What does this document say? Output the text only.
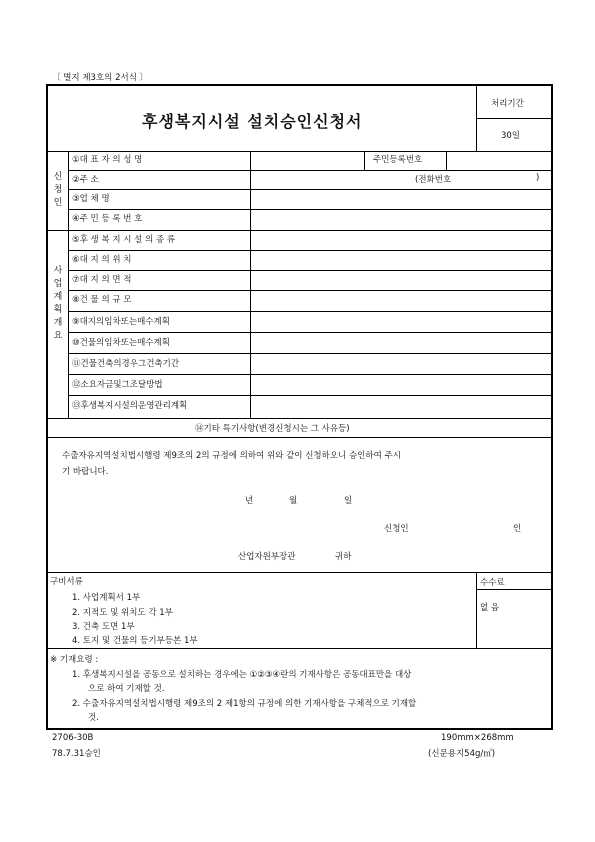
〔 별지 제3호의 2서식 〕
후생복지시설 설치승인신청서
처리기간
30일
신
청
인
①대 표 자 의 성 명	주민등록번호
②주 소	(전화번호	)
③업 체 명
④주 민 등 록 번 호
사
업
계
획
개
요
⑤후 생 복 지 시 설 의 종 류
⑥대 지 의 위 치
⑦대 지 의 면 적
⑧건 물 의 규 모
⑨대지의임차또는매수계획
⑩건물의임차또는매수계획
⑪건물건축의경우그건축기간
⑫소요자금및그조달방법
⑬후생복지시설의운영관리계획
⑭기타 특기사항(변경신청시는 그 사유등)
수출자유지역설치법시행령 제9조의 2의 규정에 의하여 위와 같이 신청하오니 승인하여 주시
기 바랍니다.
년	월	일
신청인	인
산업자원부장관	귀하
구비서류
1. 사업계획서 1부
2. 지적도 및 위치도 각 1부
3. 건축 도면 1부
4. 토지 및 건물의 등기부등본 1부
수수료
없 음
※ 기재요령 :
1. 후생복지시설을 공동으로 설치하는 경우에는 ①②③④란의 기재사항은 공동대표만을 대상
으로 하여 기재할 것.
2. 수출자유지역설치법시행령 제9조의 2 제1항의 규정에 의한 기재사항을 구체적으로 기재할
것.
2706-30B
78.7.31승인
190mm×268mm
(신문용지54g/㎡)
